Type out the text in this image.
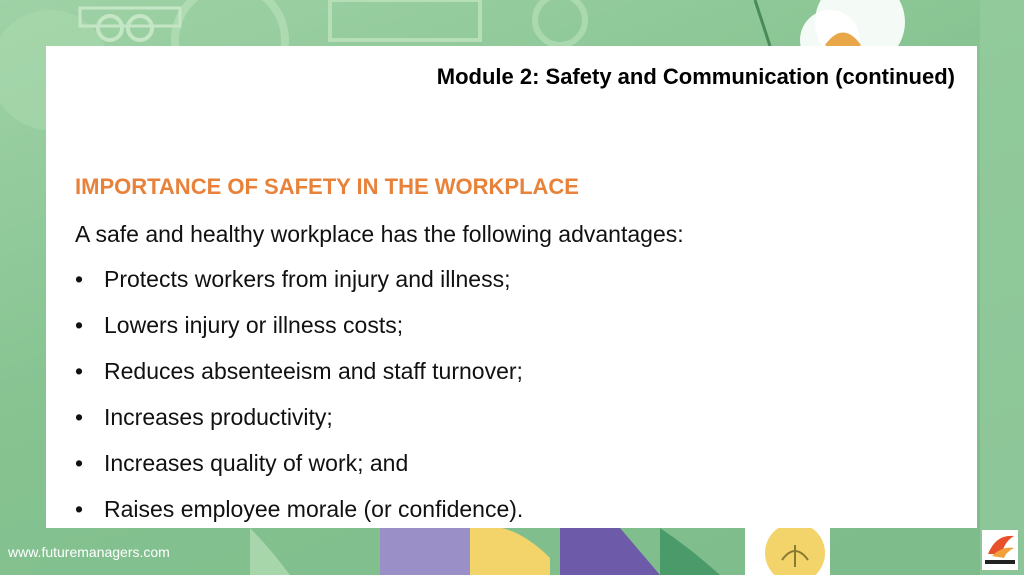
Module 2: Safety and Communication (continued)
IMPORTANCE OF SAFETY IN THE WORKPLACE
A safe and healthy workplace has the following advantages:
• Protects workers from injury and illness;
• Lowers injury or illness costs;
• Reduces absenteeism and staff turnover;
• Increases productivity;
• Increases quality of work; and
• Raises employee morale (or confidence).
www.futuremanagers.com
